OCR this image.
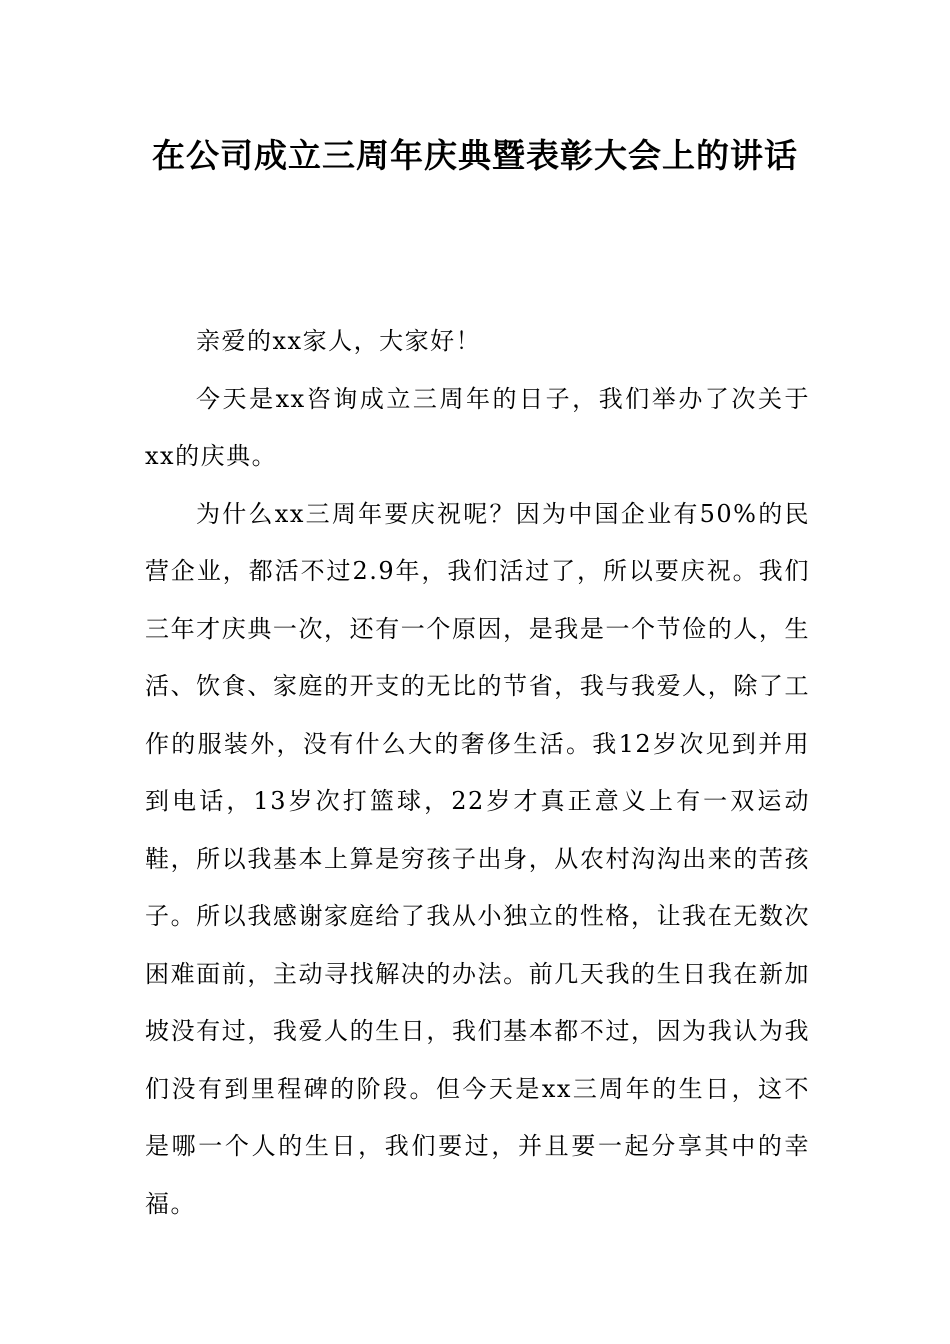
在公司成立三周年庆典暨表彰大会上的讲话

亲爱的xx家人，大家好！

今天是xx咨询成立三周年的日子，我们举办了次关于xx的庆典。

为什么xx三周年要庆祝呢？因为中国企业有50%的民营企业，都活不过2.9年，我们活过了，所以要庆祝。我们三年才庆典一次，还有一个原因，是我是一个节俭的人，生活、饮食、家庭的开支的无比的节省，我与我爱人，除了工作的服装外，没有什么大的奢侈生活。我12岁次见到并用到电话，13岁次打篮球，22岁才真正意义上有一双运动鞋，所以我基本上算是穷孩子出身，从农村沟沟出来的苦孩子。所以我感谢家庭给了我从小独立的性格，让我在无数次困难面前，主动寻找解决的办法。前几天我的生日我在新加坡没有过，我爱人的生日，我们基本都不过，因为我认为我们没有到里程碑的阶段。但今天是xx三周年的生日，这不是哪一个人的生日，我们要过，并且要一起分享其中的幸福。
